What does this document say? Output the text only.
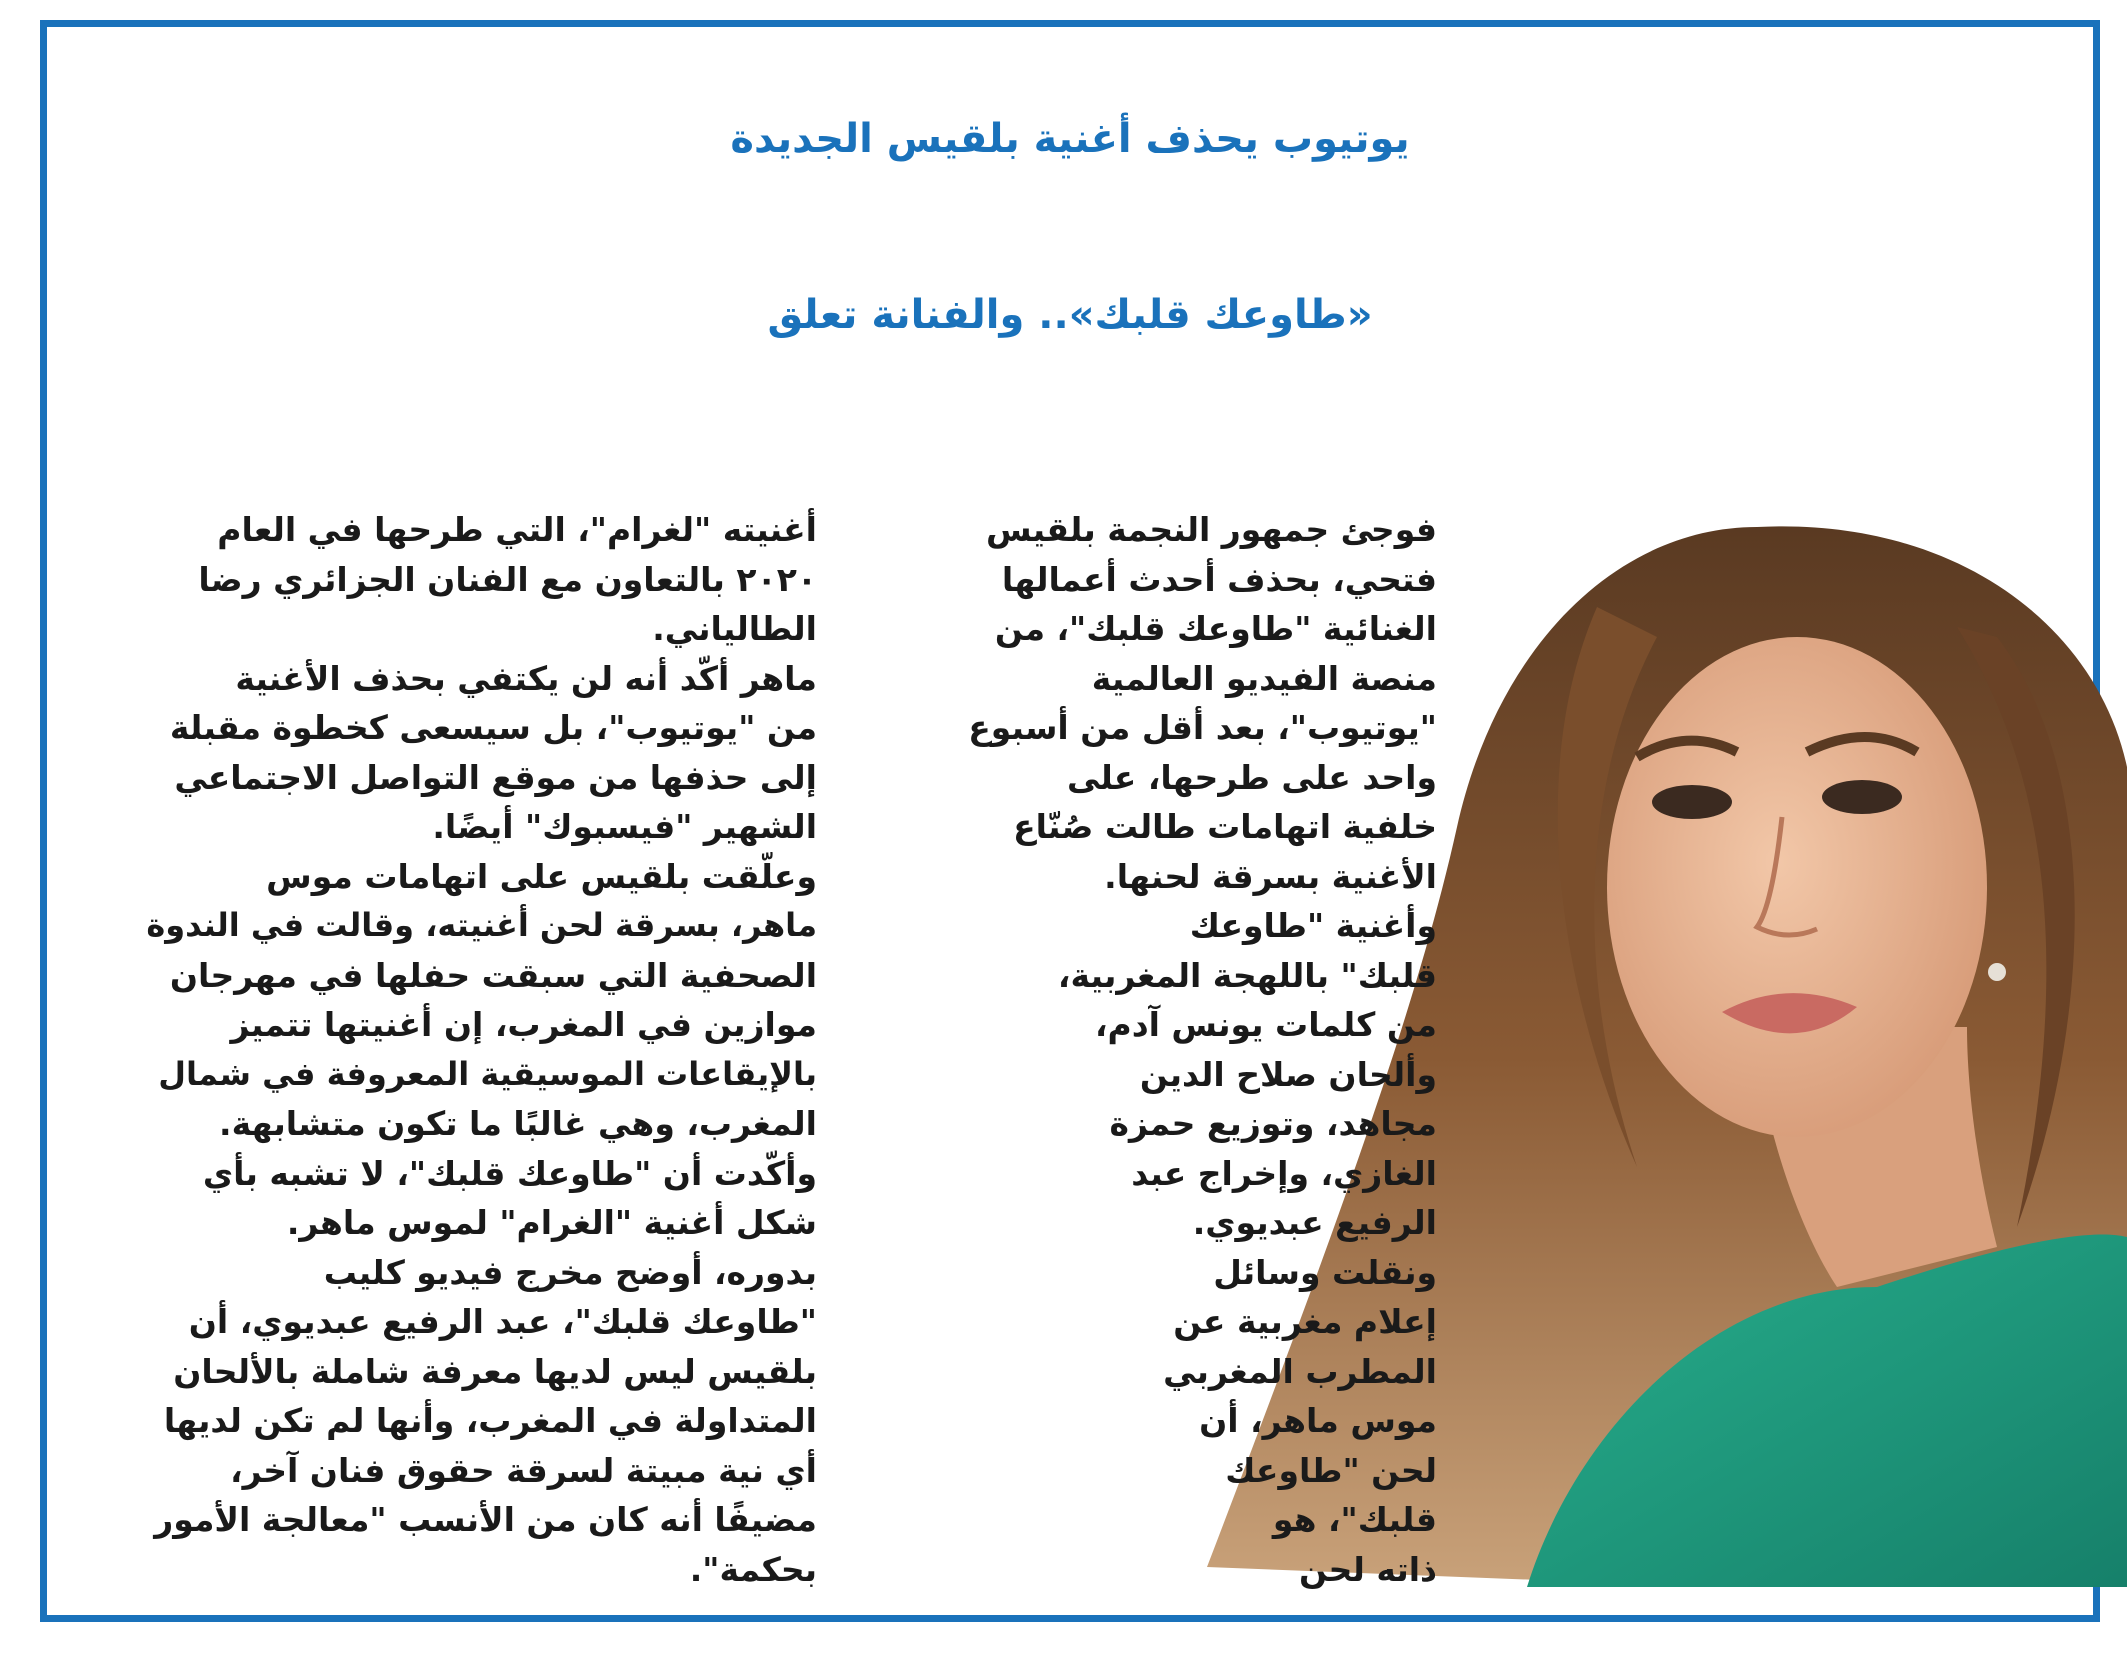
يوتيوب يحذف أغنية بلقيس الجديدة
«طاوعك قلبك».. والفنانة تعلق
فوجئ جمهور النجمة بلقيس
فتحي، بحذف أحدث أعمالها
الغنائية "طاوعك قلبك"، من
منصة الفيديو العالمية
"يوتيوب"، بعد أقل من أسبوع
واحد على طرحها، على
خلفية اتهامات طالت صُنّاع
الأغنية بسرقة لحنها.
وأغنية "طاوعك
قلبك" باللهجة المغربية،
من كلمات يونس آدم،
وألحان صلاح الدين
مجاهد، وتوزيع حمزة
الغازي، وإخراج عبد
الرفيع عبديوي.
ونقلت وسائل
إعلام مغربية عن
المطرب المغربي
موس ماهر، أن
لحن "طاوعك
قلبك"، هو
ذاته لحن
أغنيته "لغرام"، التي طرحها في العام
٢٠٢٠ بالتعاون مع الفنان الجزائري رضا
الطالياني.
ماهر أكّد أنه لن يكتفي بحذف الأغنية
من "يوتيوب"، بل سيسعى كخطوة مقبلة
إلى حذفها من موقع التواصل الاجتماعي
الشهير "فيسبوك" أيضًا.
وعلّقت بلقيس على اتهامات موس
ماهر، بسرقة لحن أغنيته، وقالت في الندوة
الصحفية التي سبقت حفلها في مهرجان
موازين في المغرب، إن أغنيتها تتميز
بالإيقاعات الموسيقية المعروفة في شمال
المغرب، وهي غالبًا ما تكون متشابهة.
وأكّدت أن "طاوعك قلبك"، لا تشبه بأي
شكل أغنية "الغرام" لموس ماهر.
بدوره، أوضح مخرج فيديو كليب
"طاوعك قلبك"، عبد الرفيع عبديوي، أن
بلقيس ليس لديها معرفة شاملة بالألحان
المتداولة في المغرب، وأنها لم تكن لديها
أي نية مبيتة لسرقة حقوق فنان آخر،
مضيفًا أنه كان من الأنسب "معالجة الأمور
بحكمة".
